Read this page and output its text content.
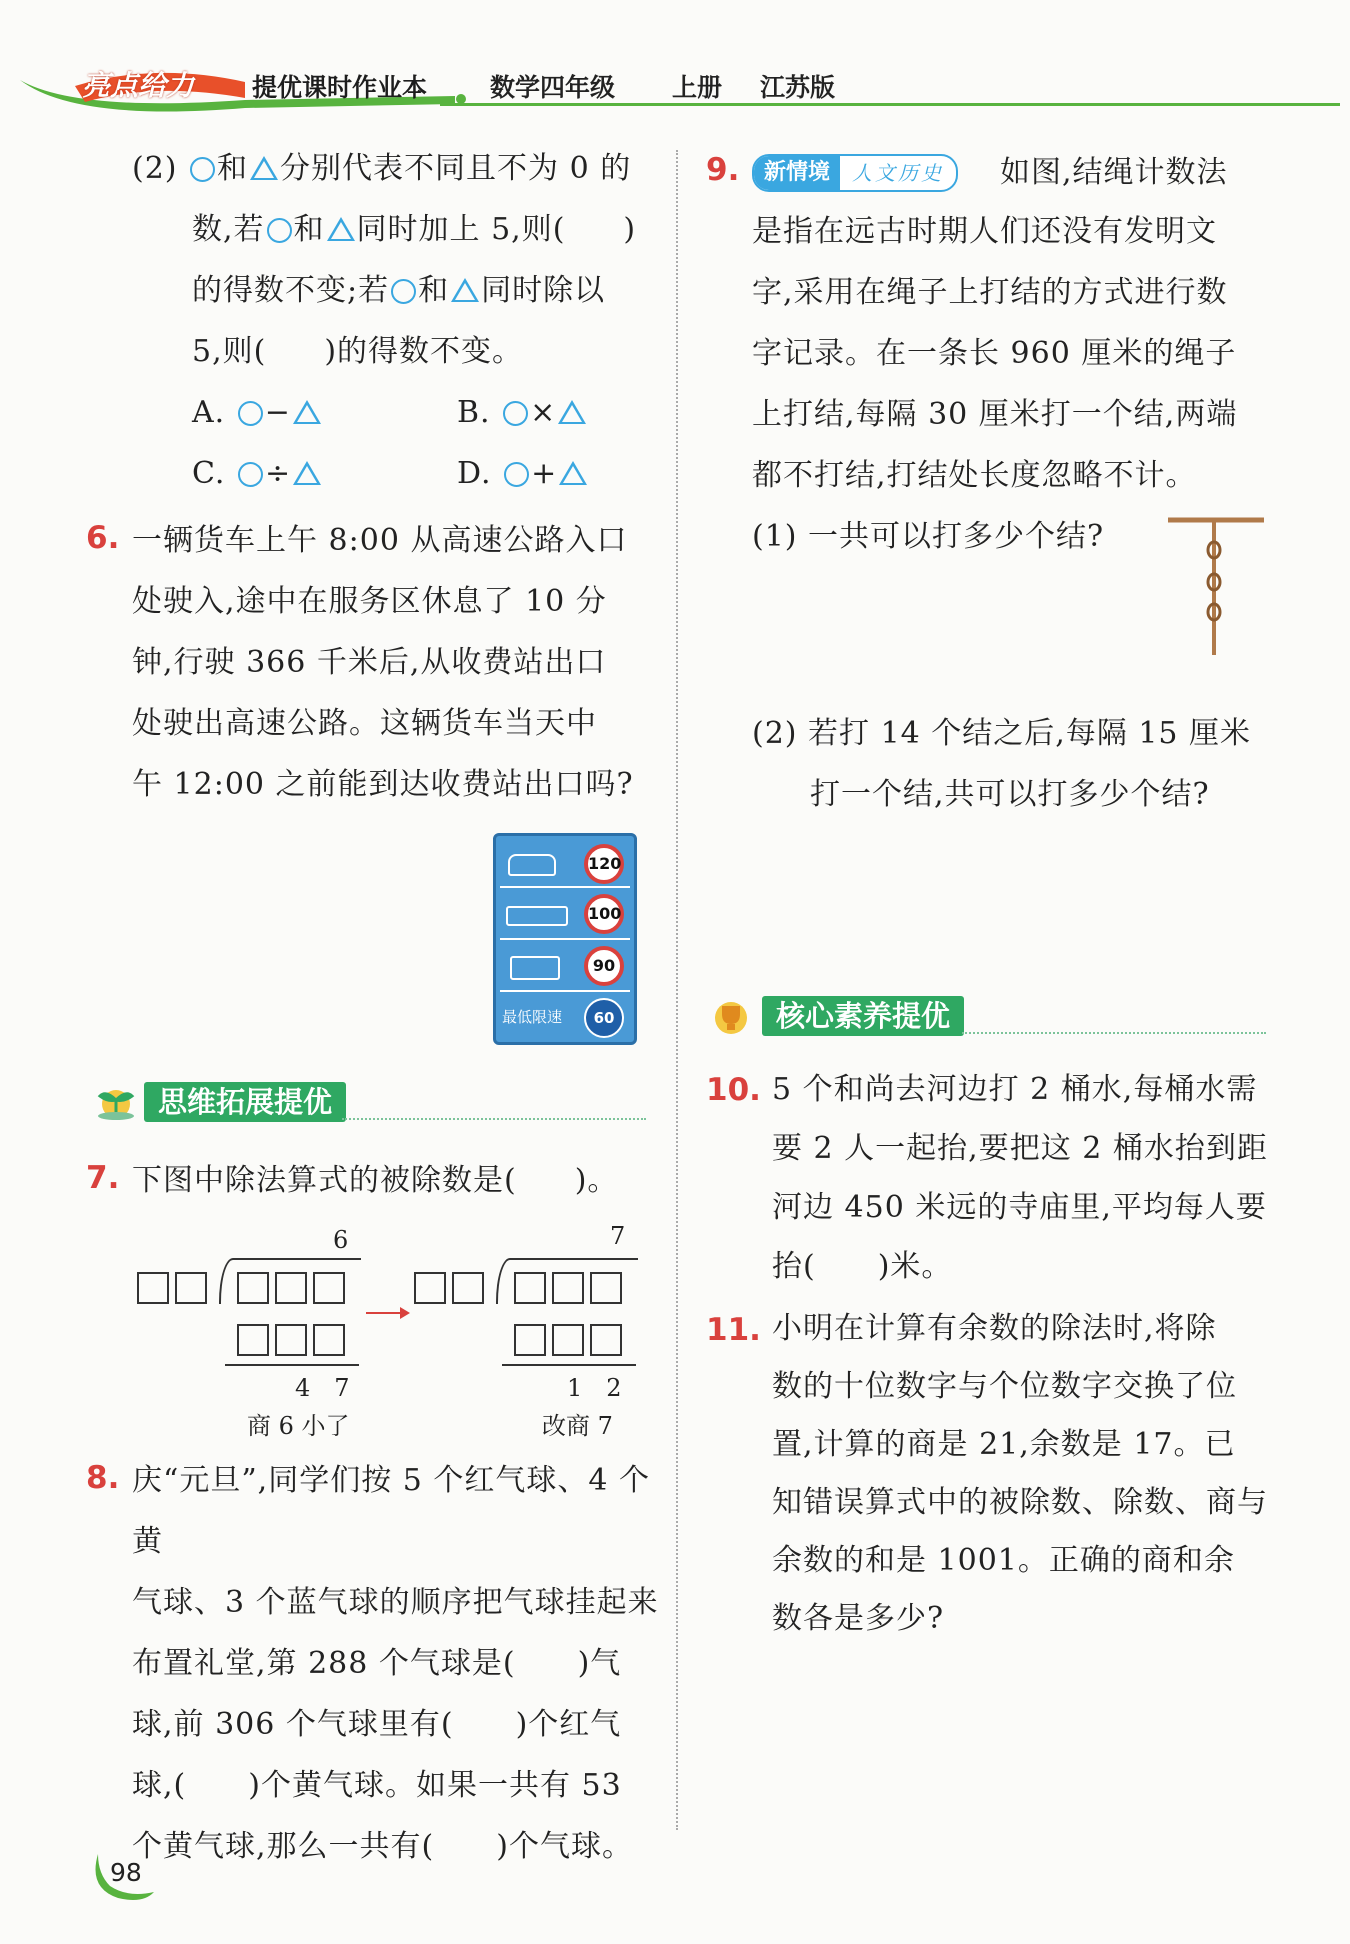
亮点给力 提优课时作业本	数学四年级 上册 江苏版
(2) 和 分别代表不同且不为 0 的
数,若 和 同时加上 5,则( )
的得数不变;若 和 同时除以
5,则( )的得数不变。
A. −	B. ×
C. ÷	D. +
6. 一辆货车上午 8:00 从高速公路入口
处驶入,途中在服务区休息了 10 分
钟,行驶 366 千米后,从收费站出口
处驶出高速公路。这辆货车当天中
午 12:00 之前能到达收费站出口吗?
120
100
90
最低限速	60
思维拓展提优
7. 下图中除法算式的被除数是( )。
6
4　7
商 6 小了
7
1　2
改商 7
8. 庆“元旦”,同学们按 5 个红气球、4 个黄
气球、3 个蓝气球的顺序把气球挂起来
布置礼堂,第 288 个气球是(　　)气
球,前 306 个气球里有(　　)个红气
球,(　　)个黄气球。如果一共有 53
个黄气球,那么一共有(　　)个气球。
98
9.	新情境	人文历史	如图,结绳计数法
是指在远古时期人们还没有发明文
字,采用在绳子上打结的方式进行数
字记录。在一条长 960 厘米的绳子
上打结,每隔 30 厘米打一个结,两端
都不打结,打结处长度忽略不计。
(1) 一共可以打多少个结?
(2) 若打 14 个结之后,每隔 15 厘米
打一个结,共可以打多少个结?
核心素养提优
10. 5 个和尚去河边打 2 桶水,每桶水需
要 2 人一起抬,要把这 2 桶水抬到距
河边 450 米远的寺庙里,平均每人要
抬(　　)米。
11. 小明在计算有余数的除法时,将除
数的十位数字与个位数字交换了位
置,计算的商是 21,余数是 17。已
知错误算式中的被除数、除数、商与
余数的和是 1001。正确的商和余
数各是多少?
